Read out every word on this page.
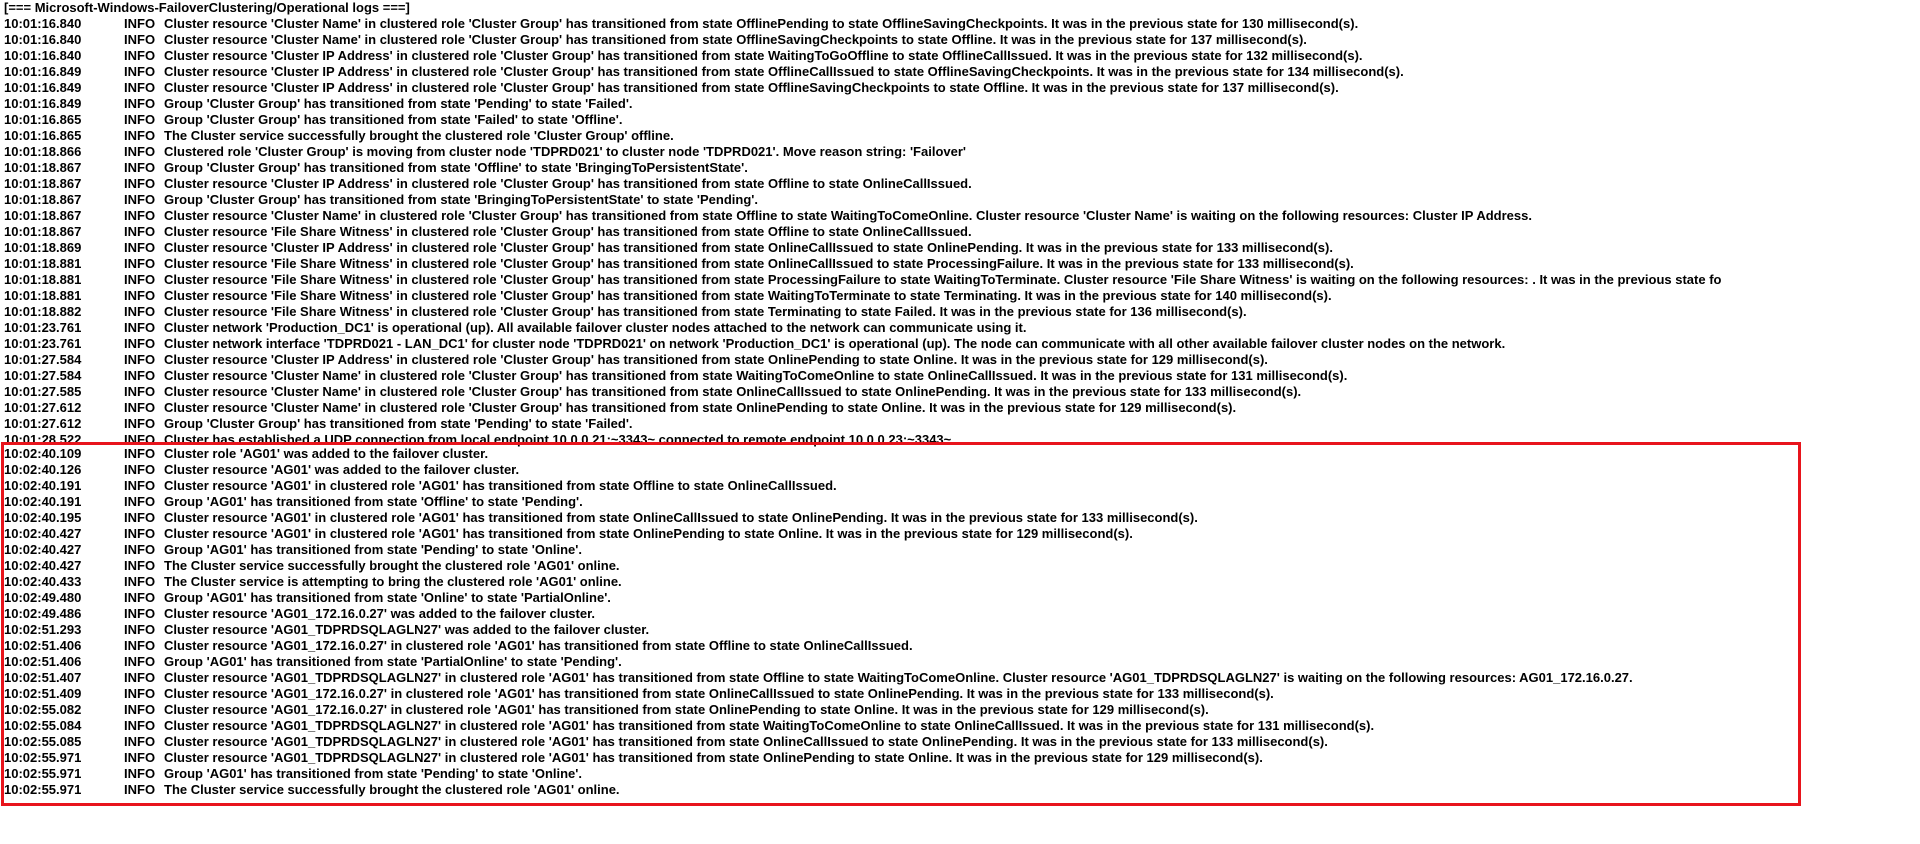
[=== Microsoft-Windows-FailoverClustering/Operational logs ===]
10:01:16.840	INFO Cluster resource 'Cluster Name' in clustered role 'Cluster Group' has transitioned from state OfflinePending to state OfflineSavingCheckpoints. It was in the previous state for 130 millisecond(s).
10:01:16.840	INFO Cluster resource 'Cluster Name' in clustered role 'Cluster Group' has transitioned from state OfflineSavingCheckpoints to state Offline. It was in the previous state for 137 millisecond(s).
10:01:16.840	INFO Cluster resource 'Cluster IP Address' in clustered role 'Cluster Group' has transitioned from state WaitingToGoOffline to state OfflineCallIssued. It was in the previous state for 132 millisecond(s).
10:01:16.849	INFO Cluster resource 'Cluster IP Address' in clustered role 'Cluster Group' has transitioned from state OfflineCallIssued to state OfflineSavingCheckpoints. It was in the previous state for 134 millisecond(s).
10:01:16.849	INFO Cluster resource 'Cluster IP Address' in clustered role 'Cluster Group' has transitioned from state OfflineSavingCheckpoints to state Offline. It was in the previous state for 137 millisecond(s).
10:01:16.849	INFO Group 'Cluster Group' has transitioned from state 'Pending' to state 'Failed'.
10:01:16.865	INFO Group 'Cluster Group' has transitioned from state 'Failed' to state 'Offline'.
10:01:16.865	INFO The Cluster service successfully brought the clustered role 'Cluster Group' offline.
10:01:18.866	INFO Clustered role 'Cluster Group' is moving from cluster node 'TDPRD021' to cluster node 'TDPRD021'. Move reason string: 'Failover'
10:01:18.867	INFO Group 'Cluster Group' has transitioned from state 'Offline' to state 'BringingToPersistentState'.
10:01:18.867	INFO Cluster resource 'Cluster IP Address' in clustered role 'Cluster Group' has transitioned from state Offline to state OnlineCallIssued.
10:01:18.867	INFO Group 'Cluster Group' has transitioned from state 'BringingToPersistentState' to state 'Pending'.
10:01:18.867	INFO Cluster resource 'Cluster Name' in clustered role 'Cluster Group' has transitioned from state Offline to state WaitingToComeOnline. Cluster resource 'Cluster Name' is waiting on the following resources: Cluster IP Address.
10:01:18.867	INFO Cluster resource 'File Share Witness' in clustered role 'Cluster Group' has transitioned from state Offline to state OnlineCallIssued.
10:01:18.869	INFO Cluster resource 'Cluster IP Address' in clustered role 'Cluster Group' has transitioned from state OnlineCallIssued to state OnlinePending. It was in the previous state for 133 millisecond(s).
10:01:18.881	INFO Cluster resource 'File Share Witness' in clustered role 'Cluster Group' has transitioned from state OnlineCallIssued to state ProcessingFailure. It was in the previous state for 133 millisecond(s).
10:01:18.881	INFO Cluster resource 'File Share Witness' in clustered role 'Cluster Group' has transitioned from state ProcessingFailure to state WaitingToTerminate. Cluster resource 'File Share Witness' is waiting on the following resources: . It was in the previous state fo
10:01:18.881	INFO Cluster resource 'File Share Witness' in clustered role 'Cluster Group' has transitioned from state WaitingToTerminate to state Terminating. It was in the previous state for 140 millisecond(s).
10:01:18.882	INFO Cluster resource 'File Share Witness' in clustered role 'Cluster Group' has transitioned from state Terminating to state Failed. It was in the previous state for 136 millisecond(s).
10:01:23.761	INFO Cluster network 'Production_DC1' is operational (up). All available failover cluster nodes attached to the network can communicate using it.
10:01:23.761	INFO Cluster network interface 'TDPRD021 - LAN_DC1' for cluster node 'TDPRD021' on network 'Production_DC1' is operational (up). The node can communicate with all other available failover cluster nodes on the network.
10:01:27.584	INFO Cluster resource 'Cluster IP Address' in clustered role 'Cluster Group' has transitioned from state OnlinePending to state Online. It was in the previous state for 129 millisecond(s).
10:01:27.584	INFO Cluster resource 'Cluster Name' in clustered role 'Cluster Group' has transitioned from state WaitingToComeOnline to state OnlineCallIssued. It was in the previous state for 131 millisecond(s).
10:01:27.585	INFO Cluster resource 'Cluster Name' in clustered role 'Cluster Group' has transitioned from state OnlineCallIssued to state OnlinePending. It was in the previous state for 133 millisecond(s).
10:01:27.612	INFO Cluster resource 'Cluster Name' in clustered role 'Cluster Group' has transitioned from state OnlinePending to state Online. It was in the previous state for 129 millisecond(s).
10:01:27.612	INFO Group 'Cluster Group' has transitioned from state 'Pending' to state 'Failed'.
10:01:28.522	INFO Cluster has established a UDP connection from local endpoint 10.0.0.21:~3343~ connected to remote endpoint 10.0.0.23:~3343~
10:02:40.109	INFO Cluster role 'AG01' was added to the failover cluster.
10:02:40.126	INFO Cluster resource 'AG01' was added to the failover cluster.
10:02:40.191	INFO Cluster resource 'AG01' in clustered role 'AG01' has transitioned from state Offline to state OnlineCallIssued.
10:02:40.191	INFO Group 'AG01' has transitioned from state 'Offline' to state 'Pending'.
10:02:40.195	INFO Cluster resource 'AG01' in clustered role 'AG01' has transitioned from state OnlineCallIssued to state OnlinePending. It was in the previous state for 133 millisecond(s).
10:02:40.427	INFO Cluster resource 'AG01' in clustered role 'AG01' has transitioned from state OnlinePending to state Online. It was in the previous state for 129 millisecond(s).
10:02:40.427	INFO Group 'AG01' has transitioned from state 'Pending' to state 'Online'.
10:02:40.427	INFO The Cluster service successfully brought the clustered role 'AG01' online.
10:02:40.433	INFO The Cluster service is attempting to bring the clustered role 'AG01' online.
10:02:49.480	INFO Group 'AG01' has transitioned from state 'Online' to state 'PartialOnline'.
10:02:49.486	INFO Cluster resource 'AG01_172.16.0.27' was added to the failover cluster.
10:02:51.293	INFO Cluster resource 'AG01_TDPRDSQLAGLN27' was added to the failover cluster.
10:02:51.406	INFO Cluster resource 'AG01_172.16.0.27' in clustered role 'AG01' has transitioned from state Offline to state OnlineCallIssued.
10:02:51.406	INFO Group 'AG01' has transitioned from state 'PartialOnline' to state 'Pending'.
10:02:51.407	INFO Cluster resource 'AG01_TDPRDSQLAGLN27' in clustered role 'AG01' has transitioned from state Offline to state WaitingToComeOnline. Cluster resource 'AG01_TDPRDSQLAGLN27' is waiting on the following resources: AG01_172.16.0.27.
10:02:51.409	INFO Cluster resource 'AG01_172.16.0.27' in clustered role 'AG01' has transitioned from state OnlineCallIssued to state OnlinePending. It was in the previous state for 133 millisecond(s).
10:02:55.082	INFO Cluster resource 'AG01_172.16.0.27' in clustered role 'AG01' has transitioned from state OnlinePending to state Online. It was in the previous state for 129 millisecond(s).
10:02:55.084	INFO Cluster resource 'AG01_TDPRDSQLAGLN27' in clustered role 'AG01' has transitioned from state WaitingToComeOnline to state OnlineCallIssued. It was in the previous state for 131 millisecond(s).
10:02:55.085	INFO Cluster resource 'AG01_TDPRDSQLAGLN27' in clustered role 'AG01' has transitioned from state OnlineCallIssued to state OnlinePending. It was in the previous state for 133 millisecond(s).
10:02:55.971	INFO Cluster resource 'AG01_TDPRDSQLAGLN27' in clustered role 'AG01' has transitioned from state OnlinePending to state Online. It was in the previous state for 129 millisecond(s).
10:02:55.971	INFO Group 'AG01' has transitioned from state 'Pending' to state 'Online'.
10:02:55.971	INFO The Cluster service successfully brought the clustered role 'AG01' online.
